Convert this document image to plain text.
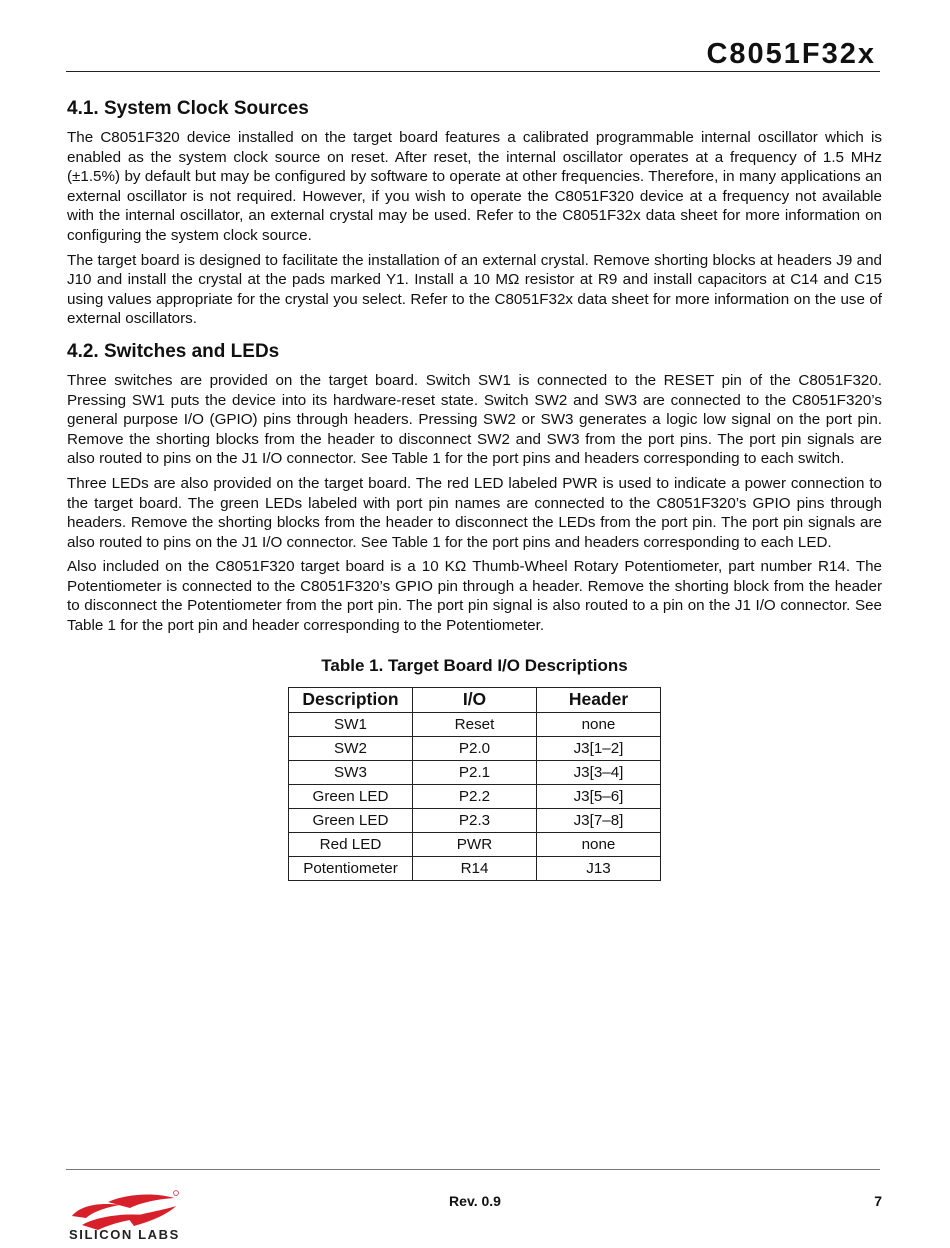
C8051F32x
4.1. System Clock Sources

The C8051F320 device installed on the target board features a calibrated programmable internal oscillator which is enabled as the system clock source on reset. After reset, the internal oscillator operates at a frequency of 1.5 MHz (±1.5%) by default but may be configured by software to operate at other frequencies. Therefore, in many applications an external oscillator is not required. However, if you wish to operate the C8051F320 device at a frequency not available with the internal oscillator, an external crystal may be used. Refer to the C8051F32x data sheet for more information on configuring the system clock source.

The target board is designed to facilitate the installation of an external crystal. Remove shorting blocks at headers J9 and J10 and install the crystal at the pads marked Y1. Install a 10 MΩ resistor at R9 and install capacitors at C14 and C15 using values appropriate for the crystal you select. Refer to the C8051F32x data sheet for more information on the use of external oscillators.

4.2. Switches and LEDs

Three switches are provided on the target board. Switch SW1 is connected to the RESET pin of the C8051F320. Pressing SW1 puts the device into its hardware-reset state. Switch SW2 and SW3 are connected to the C8051F320’s general purpose I/O (GPIO) pins through headers. Pressing SW2 or SW3 generates a logic low signal on the port pin. Remove the shorting blocks from the header to disconnect SW2 and SW3 from the port pins. The port pin signals are also routed to pins on the J1 I/O connector. See Table 1 for the port pins and headers corresponding to each switch.

Three LEDs are also provided on the target board. The red LED labeled PWR is used to indicate a power connection to the target board. The green LEDs labeled with port pin names are connected to the C8051F320’s GPIO pins through headers. Remove the shorting blocks from the header to disconnect the LEDs from the port pin. The port pin signals are also routed to pins on the J1 I/O connector. See Table 1 for the port pins and headers corresponding to each LED.

Also included on the C8051F320 target board is a 10 KΩ Thumb-Wheel Rotary Potentiometer, part number R14. The Potentiometer is connected to the C8051F320’s GPIO pin through a header. Remove the shorting block from the header to disconnect the Potentiometer from the port pin. The port pin signal is also routed to a pin on the J1 I/O connector. See Table 1 for the port pin and header corresponding to the Potentiometer.

Table 1. Target Board I/O Descriptions
Description	I/O	Header
SW1	Reset	none
SW2	P2.0	J3[1–2]
SW3	P2.1	J3[3–4]
Green LED	P2.2	J3[5–6]
Green LED	P2.3	J3[7–8]
Red LED	PWR	none
Potentiometer	R14	J13
SILICON LABS
Rev. 0.9	7
